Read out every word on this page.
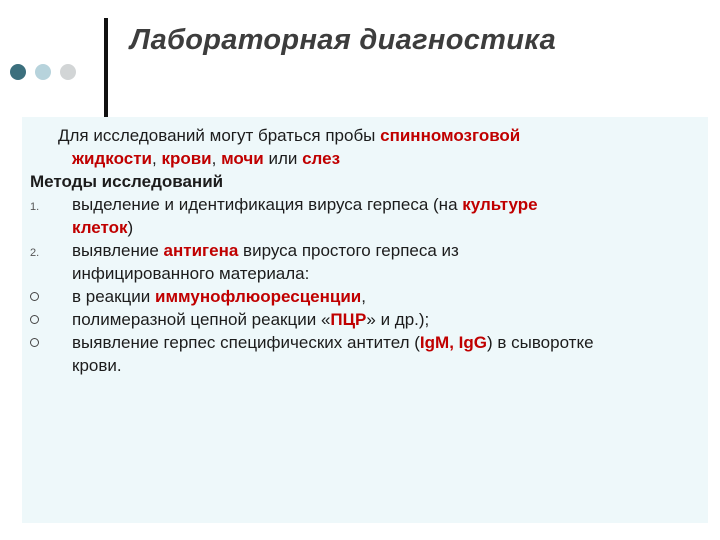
Лабораторная диагностика
Для исследований могут браться пробы спинномозговой
жидкости, крови, мочи или слез
Методы исследований
1.	выделение и идентификация вируса герпеса (на культуре
клеток)
2.	выявление антигена вируса простого герпеса из
инфицированного материала:
в реакции иммунофлюоресценции,
полимеразной цепной реакции «ПЦР» и др.);
выявление герпес специфических антител (IgM, IgG) в сыворотке
крови.
